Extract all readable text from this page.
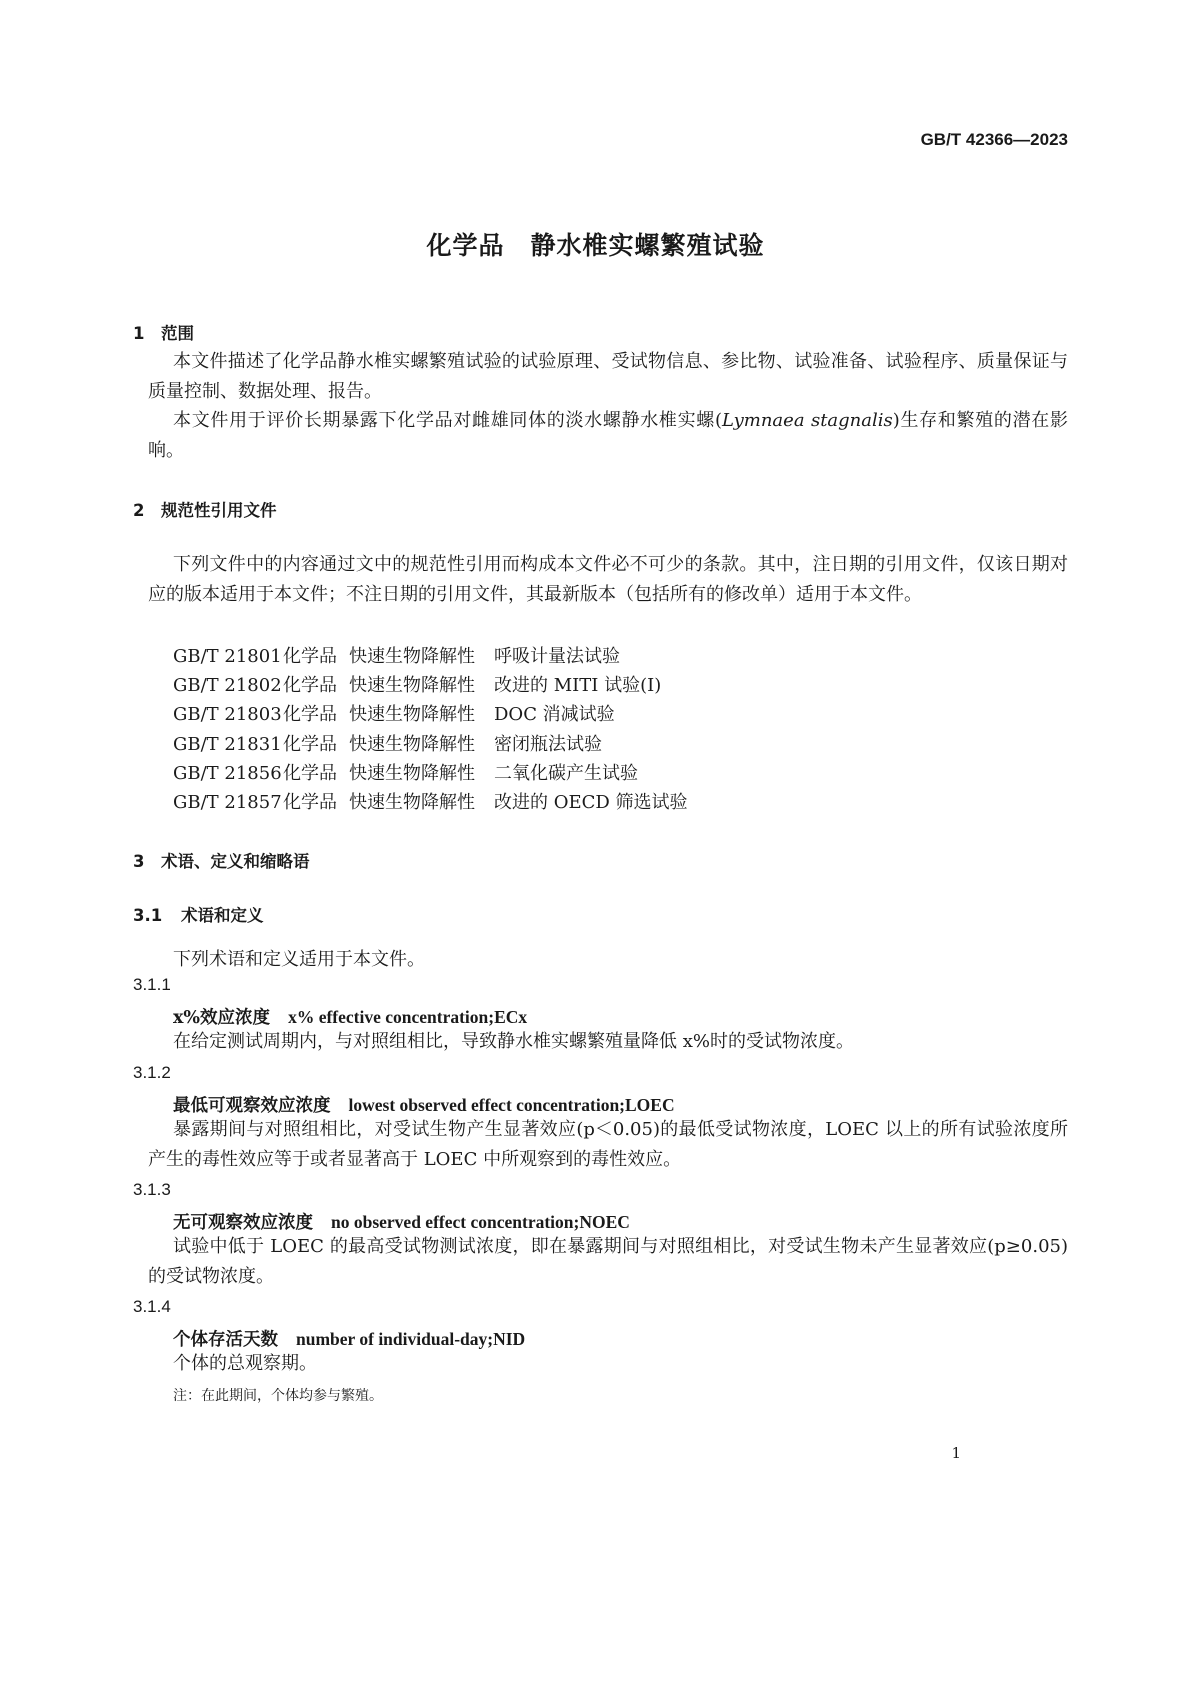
GB/T 42366—2023
化学品　静水椎实螺繁殖试验
1 范围
本文件描述了化学品静水椎实螺繁殖试验的试验原理、受试物信息、参比物、试验准备、试验程序、质量保证与质量控制、数据处理、报告。
本文件用于评价长期暴露下化学品对雌雄同体的淡水螺静水椎实螺(Lymnaea stagnalis)生存和繁殖的潜在影响。
2 规范性引用文件
下列文件中的内容通过文中的规范性引用而构成本文件必不可少的条款。其中，注日期的引用文件，仅该日期对应的版本适用于本文件；不注日期的引用文件，其最新版本（包括所有的修改单）适用于本文件。
GB/T 21801化学品 快速生物降解性 呼吸计量法试验
GB/T 21802化学品 快速生物降解性 改进的 MITI 试验(Ⅰ)
GB/T 21803化学品 快速生物降解性 DOC 消减试验
GB/T 21831化学品 快速生物降解性 密闭瓶法试验
GB/T 21856化学品 快速生物降解性 二氧化碳产生试验
GB/T 21857化学品 快速生物降解性 改进的 OECD 筛选试验
3 术语、定义和缩略语
3.1 术语和定义
下列术语和定义适用于本文件。
3.1.1
x%效应浓度 x% effective concentration;ECx
在给定测试周期内，与对照组相比，导致静水椎实螺繁殖量降低 x%时的受试物浓度。
3.1.2
最低可观察效应浓度 lowest observed effect concentration;LOEC
暴露期间与对照组相比，对受试生物产生显著效应(p＜0.05)的最低受试物浓度，LOEC 以上的所有试验浓度所产生的毒性效应等于或者显著高于 LOEC 中所观察到的毒性效应。
3.1.3
无可观察效应浓度 no observed effect concentration;NOEC
试验中低于 LOEC 的最高受试物测试浓度，即在暴露期间与对照组相比，对受试生物未产生显著效应(p≥0.05)的受试物浓度。
3.1.4
个体存活天数 number of individual-day;NID
个体的总观察期。
注：在此期间，个体均参与繁殖。
1
